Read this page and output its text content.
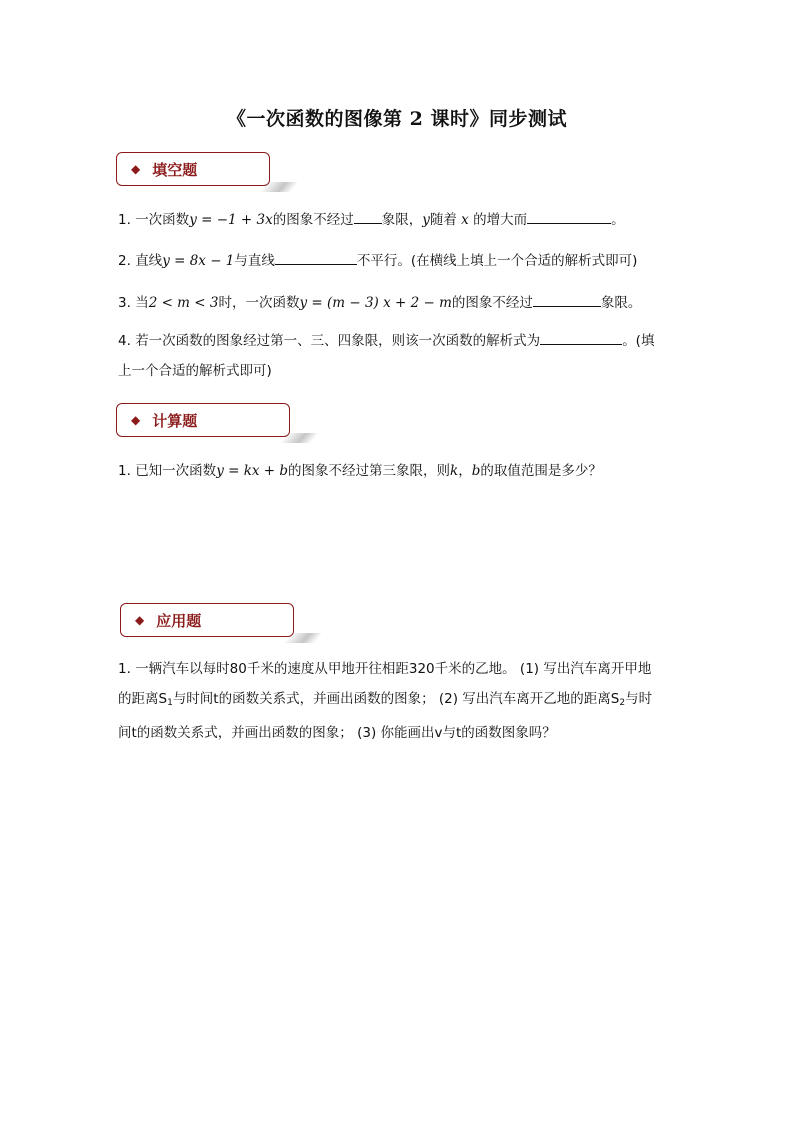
《一次函数的图像第 2 课时》同步测试
◆ 填空题
1. 一次函数y = −1 + 3x的图象不经过 象限，y随着 x 的增大而	。
2. 直线y = 8x − 1与直线	不平行。(在横线上填上一个合适的解析式即可)
3. 当2 < m < 3时，一次函数y = (m − 3) x + 2 − m的图象不经过	象限。
4. 若一次函数的图象经过第一、三、四象限，则该一次函数的解析式为	。(填
上一个合适的解析式即可)
◆ 计算题
1. 已知一次函数y = kx + b的图象不经过第三象限，则k，b的取值范围是多少？
◆ 应用题
1. 一辆汽车以每时80千米的速度从甲地开往相距320千米的乙地。 (1) 写出汽车离开甲地
的距离$S_1$与时间t的函数关系式，并画出函数的图象； (2) 写出汽车离开乙地的距离$S_2$与时
间t的函数关系式，并画出函数的图象； (3) 你能画出v与t的函数图象吗？
